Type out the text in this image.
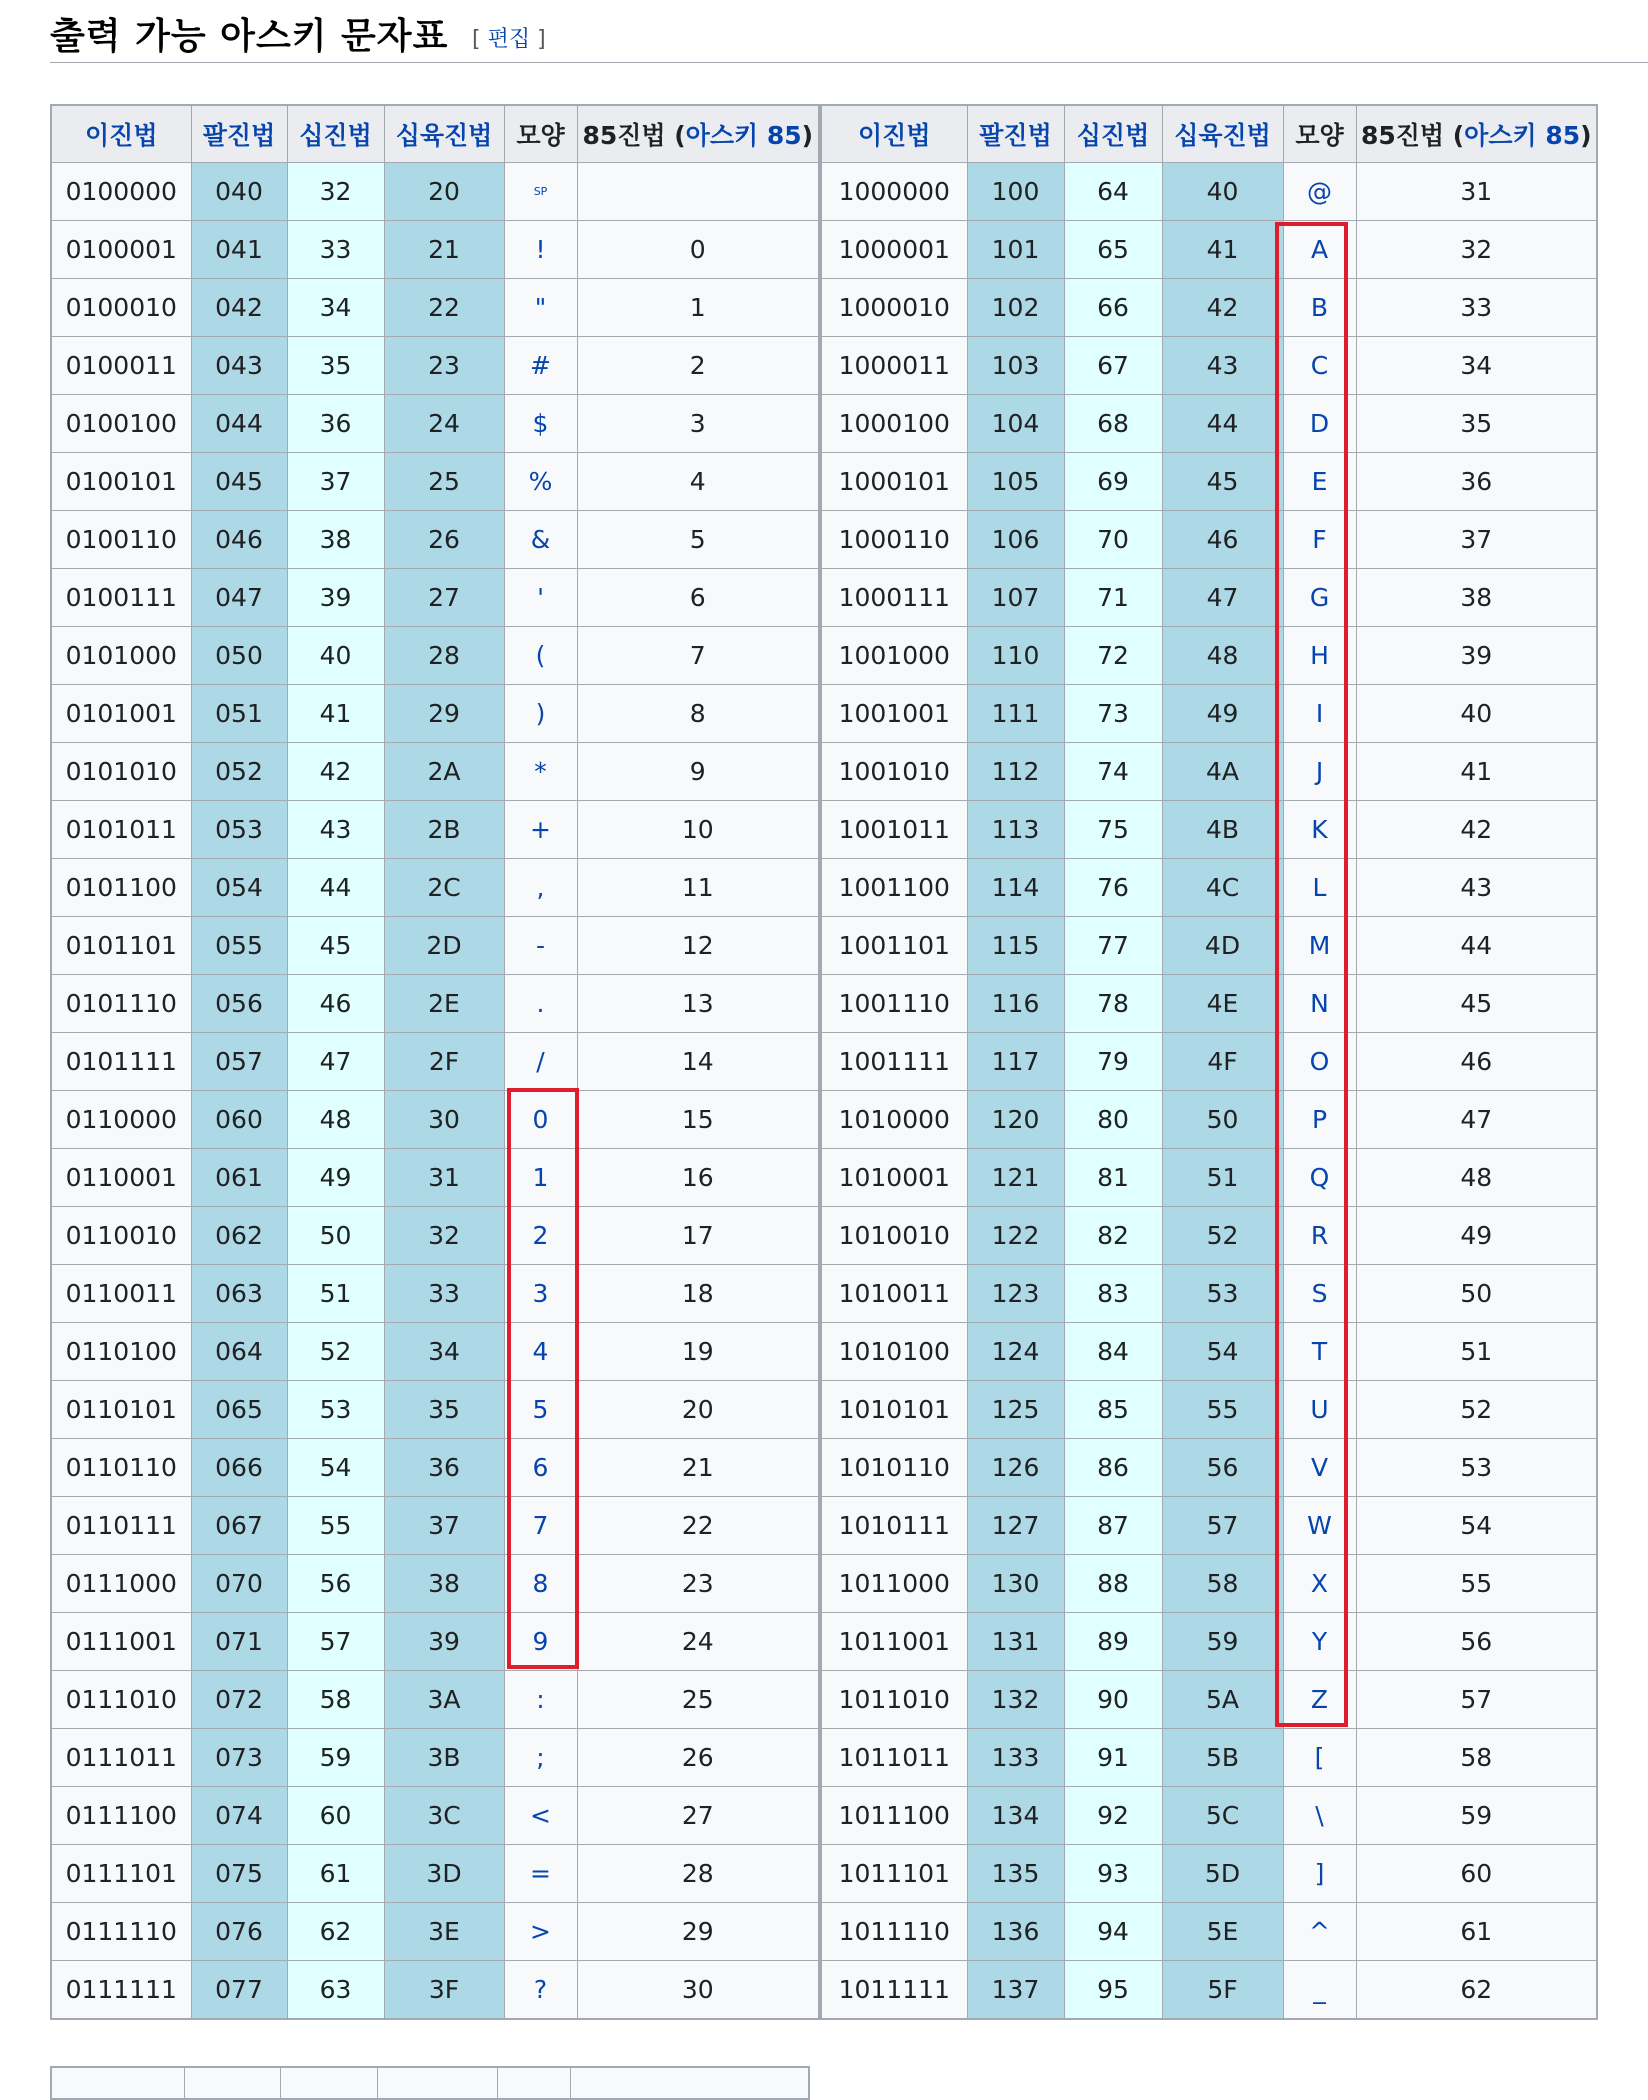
출력 가능 아스키 문자표 [ 편집 ]
이진법	팔진법	십진법	십육진법	모양	85진법 (아스키 85)
0100000	040	32	20	SP	
0100001	041	33	21	!	0
0100010	042	34	22	"	1
0100011	043	35	23	#	2
0100100	044	36	24	$	3
0100101	045	37	25	%	4
0100110	046	38	26	&	5
0100111	047	39	27	'	6
0101000	050	40	28	(	7
0101001	051	41	29	)	8
0101010	052	42	2A	*	9
0101011	053	43	2B	+	10
0101100	054	44	2C	,	11
0101101	055	45	2D	-	12
0101110	056	46	2E	.	13
0101111	057	47	2F	/	14
0110000	060	48	30	0	15
0110001	061	49	31	1	16
0110010	062	50	32	2	17
0110011	063	51	33	3	18
0110100	064	52	34	4	19
0110101	065	53	35	5	20
0110110	066	54	36	6	21
0110111	067	55	37	7	22
0111000	070	56	38	8	23
0111001	071	57	39	9	24
0111010	072	58	3A	:	25
0111011	073	59	3B	;	26
0111100	074	60	3C	<	27
0111101	075	61	3D	=	28
0111110	076	62	3E	>	29
0111111	077	63	3F	?	30
이진법	팔진법	십진법	십육진법	모양	85진법 (아스키 85)
1000000	100	64	40	@	31
1000001	101	65	41	A	32
1000010	102	66	42	B	33
1000011	103	67	43	C	34
1000100	104	68	44	D	35
1000101	105	69	45	E	36
1000110	106	70	46	F	37
1000111	107	71	47	G	38
1001000	110	72	48	H	39
1001001	111	73	49	I	40
1001010	112	74	4A	J	41
1001011	113	75	4B	K	42
1001100	114	76	4C	L	43
1001101	115	77	4D	M	44
1001110	116	78	4E	N	45
1001111	117	79	4F	O	46
1010000	120	80	50	P	47
1010001	121	81	51	Q	48
1010010	122	82	52	R	49
1010011	123	83	53	S	50
1010100	124	84	54	T	51
1010101	125	85	55	U	52
1010110	126	86	56	V	53
1010111	127	87	57	W	54
1011000	130	88	58	X	55
1011001	131	89	59	Y	56
1011010	132	90	5A	Z	57
1011011	133	91	5B	[	58
1011100	134	92	5C	\	59
1011101	135	93	5D	]	60
1011110	136	94	5E	^	61
1011111	137	95	5F	_	62
